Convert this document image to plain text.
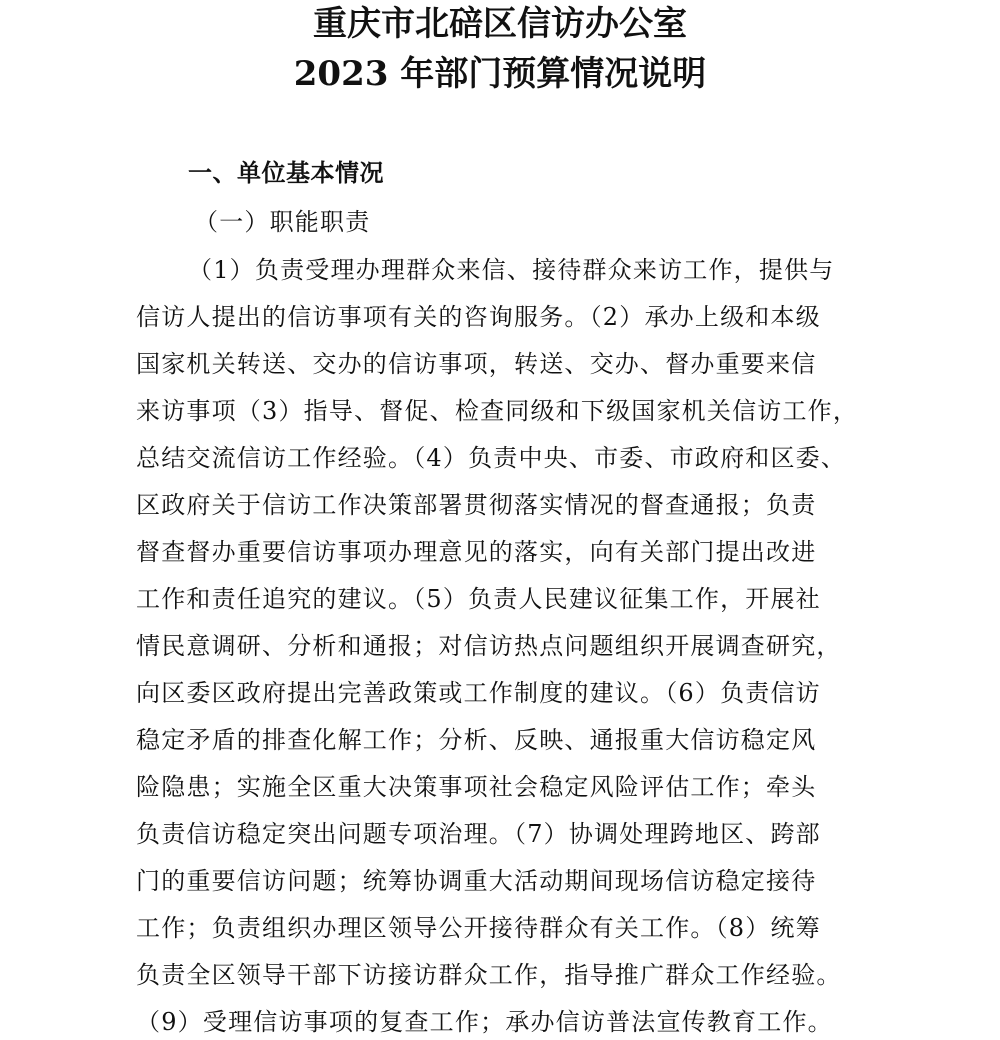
重庆市北碚区信访办公室
2023 年部门预算情况说明
一、单位基本情况
（一）职能职责
（1）负责受理办理群众来信、接待群众来访工作，提供与
信访人提出的信访事项有关的咨询服务。（2）承办上级和本级
国家机关转送、交办的信访事项，转送、交办、督办重要来信
来访事项（3）指导、督促、检查同级和下级国家机关信访工作，
总结交流信访工作经验。（4）负责中央、市委、市政府和区委、
区政府关于信访工作决策部署贯彻落实情况的督查通报；负责
督查督办重要信访事项办理意见的落实，向有关部门提出改进
工作和责任追究的建议。（5）负责人民建议征集工作，开展社
情民意调研、分析和通报；对信访热点问题组织开展调查研究，
向区委区政府提出完善政策或工作制度的建议。（6）负责信访
稳定矛盾的排查化解工作；分析、反映、通报重大信访稳定风
险隐患；实施全区重大决策事项社会稳定风险评估工作；牵头
负责信访稳定突出问题专项治理。（7）协调处理跨地区、跨部
门的重要信访问题；统筹协调重大活动期间现场信访稳定接待
工作；负责组织办理区领导公开接待群众有关工作。（8）统筹
负责全区领导干部下访接访群众工作，指导推广群众工作经验。
（9）受理信访事项的复查工作；承办信访普法宣传教育工作。
